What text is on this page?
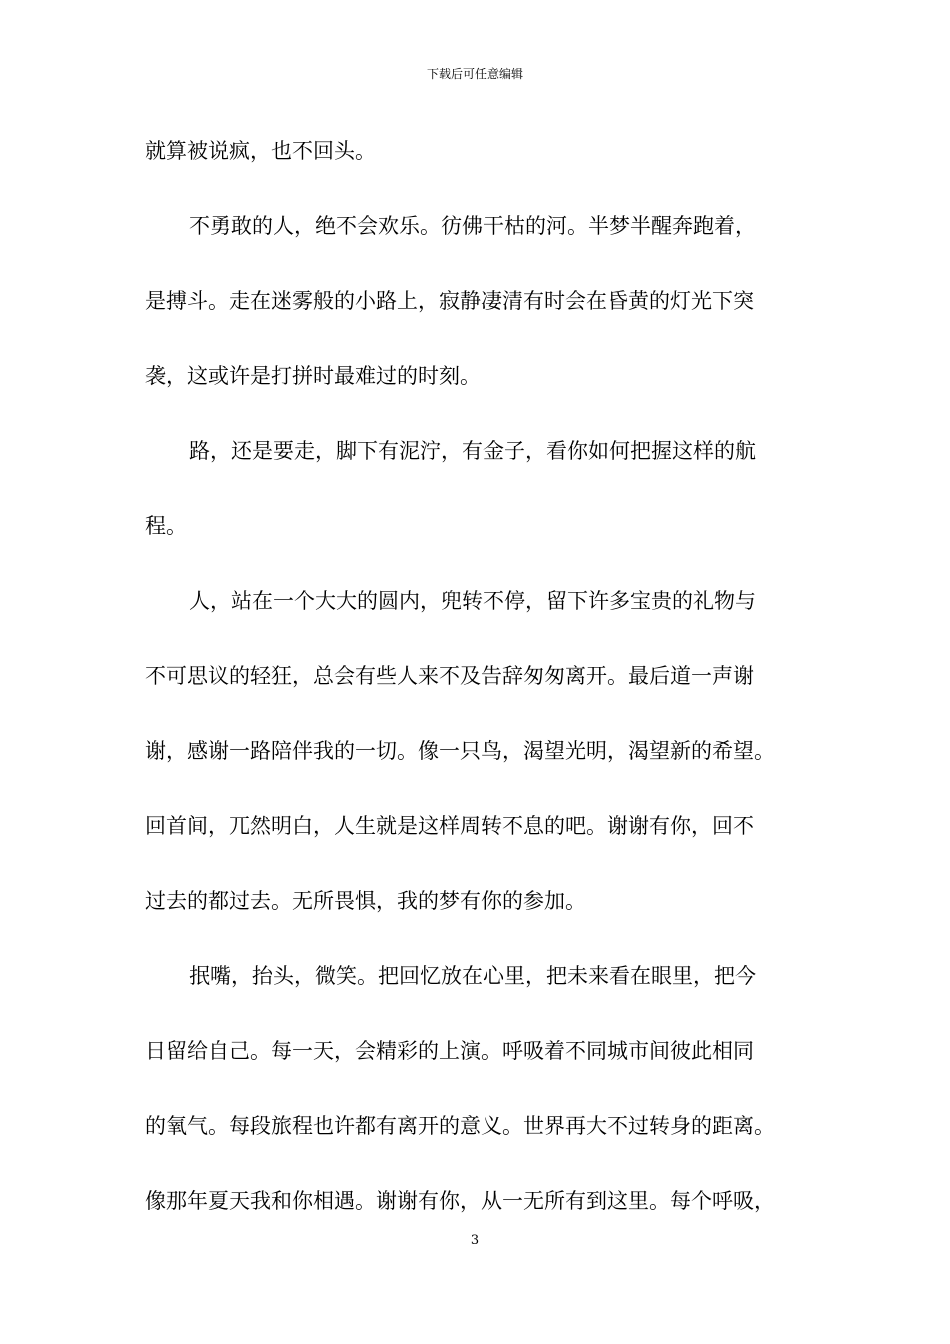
下载后可任意编辑
就算被说疯，也不回头。
不勇敢的人，绝不会欢乐。彷佛干枯的河。半梦半醒奔跑着，
是搏斗。走在迷雾般的小路上，寂静凄清有时会在昏黄的灯光下突
袭，这或许是打拼时最难过的时刻。
路，还是要走，脚下有泥泞，有金子，看你如何把握这样的航
程。
人，站在一个大大的圆内，兜转不停，留下许多宝贵的礼物与
不可思议的轻狂，总会有些人来不及告辞匆匆离开。最后道一声谢
谢，感谢一路陪伴我的一切。像一只鸟，渴望光明，渴望新的希望。
回首间，兀然明白，人生就是这样周转不息的吧。谢谢有你，回不
过去的都过去。无所畏惧，我的梦有你的参加。
抿嘴，抬头，微笑。把回忆放在心里，把未来看在眼里，把今
日留给自己。每一天，会精彩的上演。呼吸着不同城市间彼此相同
的氧气。每段旅程也许都有离开的意义。世界再大不过转身的距离。
像那年夏天我和你相遇。谢谢有你，从一无所有到这里。每个呼吸，
3
